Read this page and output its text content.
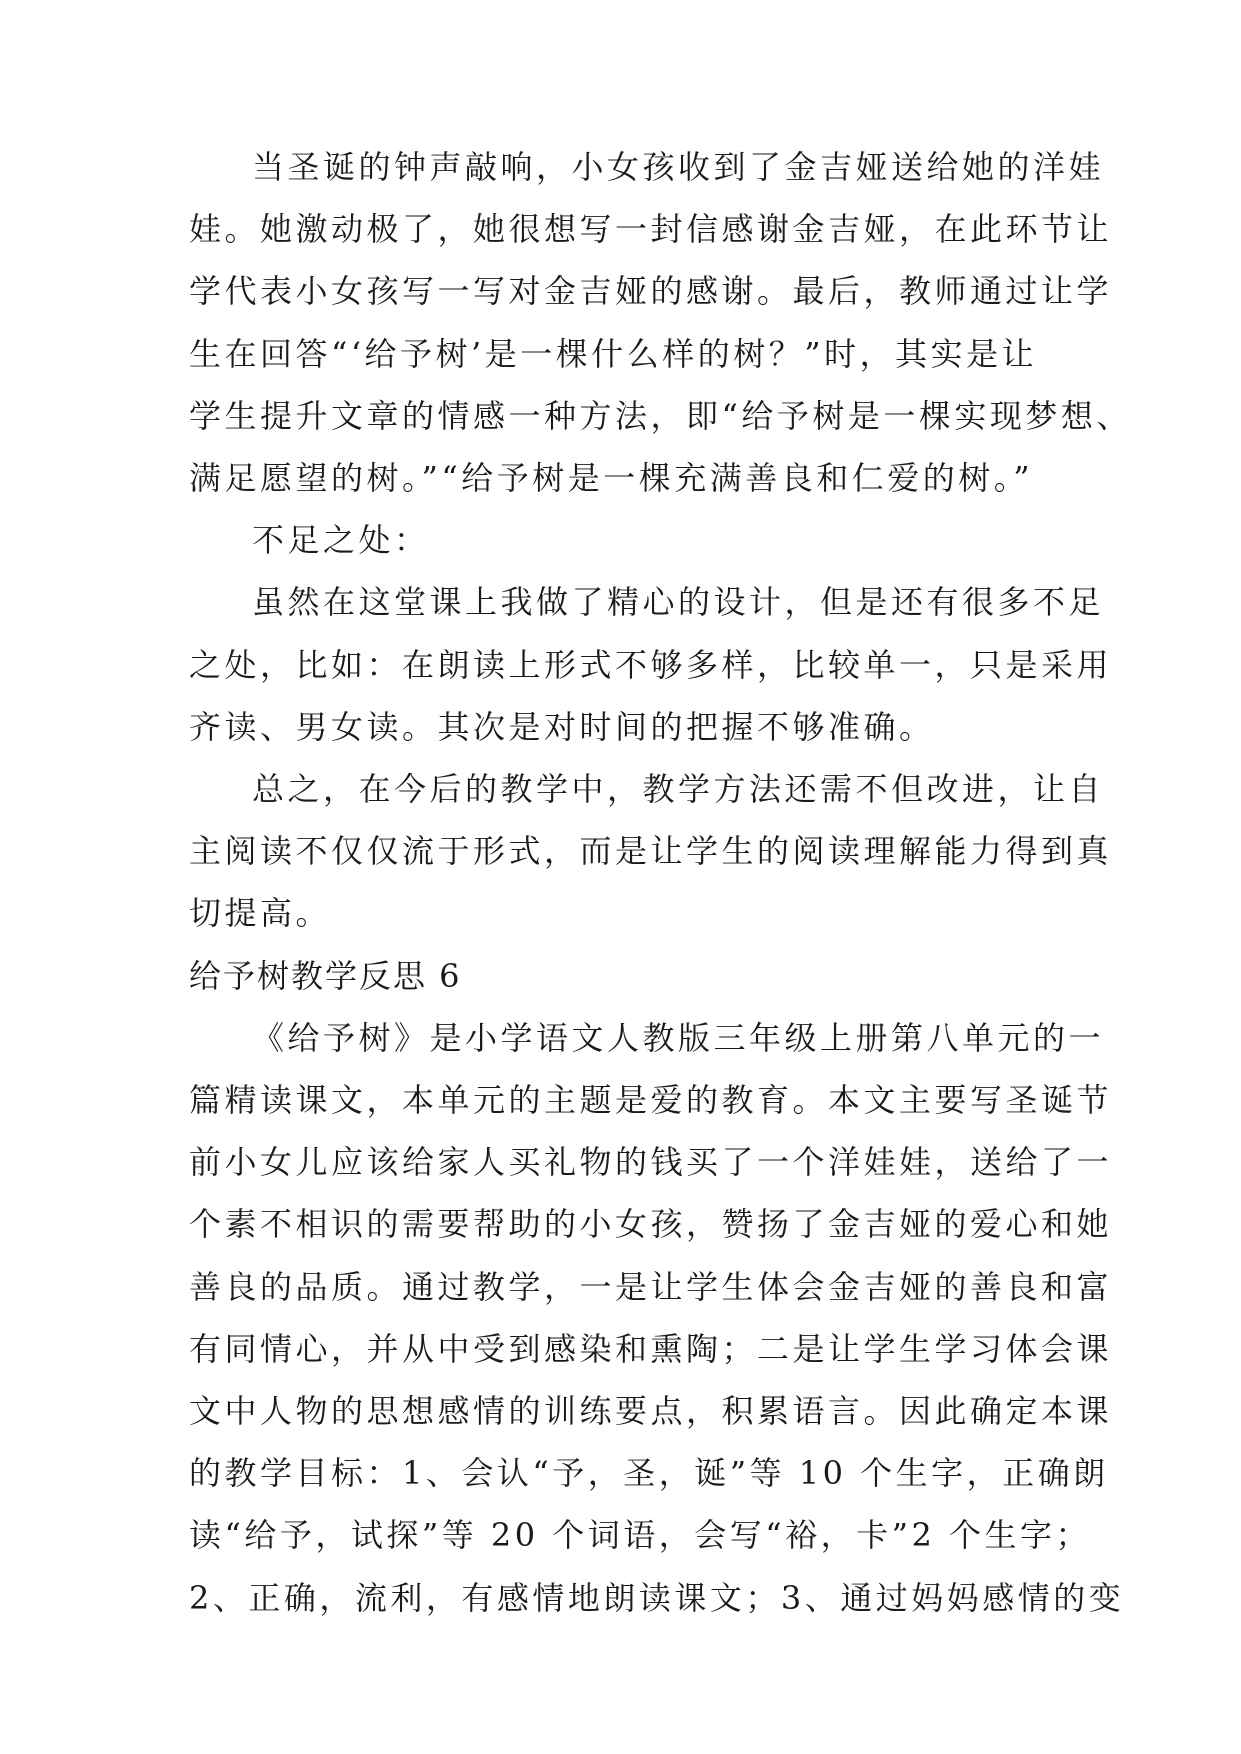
当圣诞的钟声敲响，小女孩收到了金吉娅送给她的洋娃
娃。她激动极了，她很想写一封信感谢金吉娅，在此环节让
学代表小女孩写一写对金吉娅的感谢。最后，教师通过让学
生在回答“‘给予树’是一棵什么样的树？”时，其实是让
学生提升文章的情感一种方法，即“给予树是一棵实现梦想、
满足愿望的树。”“给予树是一棵充满善良和仁爱的树。”
不足之处：
虽然在这堂课上我做了精心的设计，但是还有很多不足
之处，比如：在朗读上形式不够多样，比较单一，只是采用
齐读、男女读。其次是对时间的把握不够准确。
总之，在今后的教学中，教学方法还需不但改进，让自
主阅读不仅仅流于形式，而是让学生的阅读理解能力得到真
切提高。
给予树教学反思 6
《给予树》是小学语文人教版三年级上册第八单元的一
篇精读课文，本单元的主题是爱的教育。本文主要写圣诞节
前小女儿应该给家人买礼物的钱买了一个洋娃娃，送给了一
个素不相识的需要帮助的小女孩，赞扬了金吉娅的爱心和她
善良的品质。通过教学，一是让学生体会金吉娅的善良和富
有同情心，并从中受到感染和熏陶；二是让学生学习体会课
文中人物的思想感情的训练要点，积累语言。因此确定本课
的教学目标：1、会认“予，圣，诞”等 10 个生字，正确朗
读“给予，试探”等 20 个词语，会写“裕，卡”2 个生字；
2、正确，流利，有感情地朗读课文；3、通过妈妈感情的变
